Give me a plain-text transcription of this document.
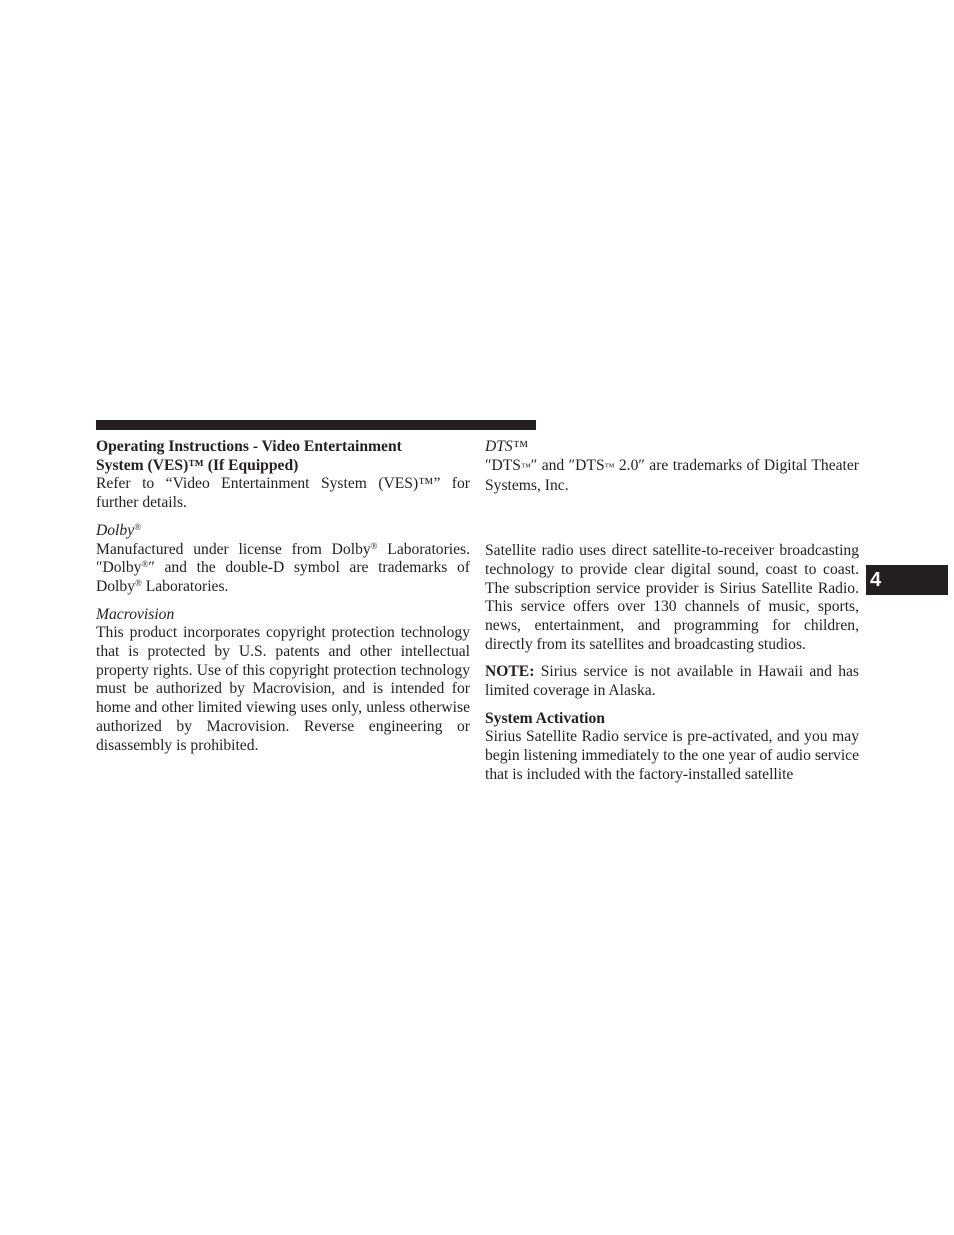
Operating Instructions - Video Entertainment
System (VES)™ (If Equipped)

Refer to “Video Entertainment System (VES)™” for further details.

Dolby®

Manufactured under license from Dolby® Laboratories. ″Dolby®″ and the double-D symbol are trademarks of Dolby® Laboratories.

Macrovision

This product incorporates copyright protection technology that is protected by U.S. patents and other intellectual property rights. Use of this copyright protection technology must be authorized by Macrovision, and is intended for home and other limited viewing uses only, unless otherwise authorized by Macrovision. Reverse engineering or disassembly is prohibited.

DTS™

″DTS™″ and ″DTS™ 2.0″ are trademarks of Digital Theater Systems, Inc.

Satellite radio uses direct satellite-to-receiver broadcasting technology to provide clear digital sound, coast to coast. The subscription service provider is Sirius Satellite Radio. This service offers over 130 channels of music, sports, news, entertainment, and programming for children, directly from its satellites and broadcasting studios.

NOTE: Sirius service is not available in Hawaii and has limited coverage in Alaska.

System Activation

Sirius Satellite Radio service is pre-activated, and you may begin listening immediately to the one year of audio service that is included with the factory-installed satellite

4
